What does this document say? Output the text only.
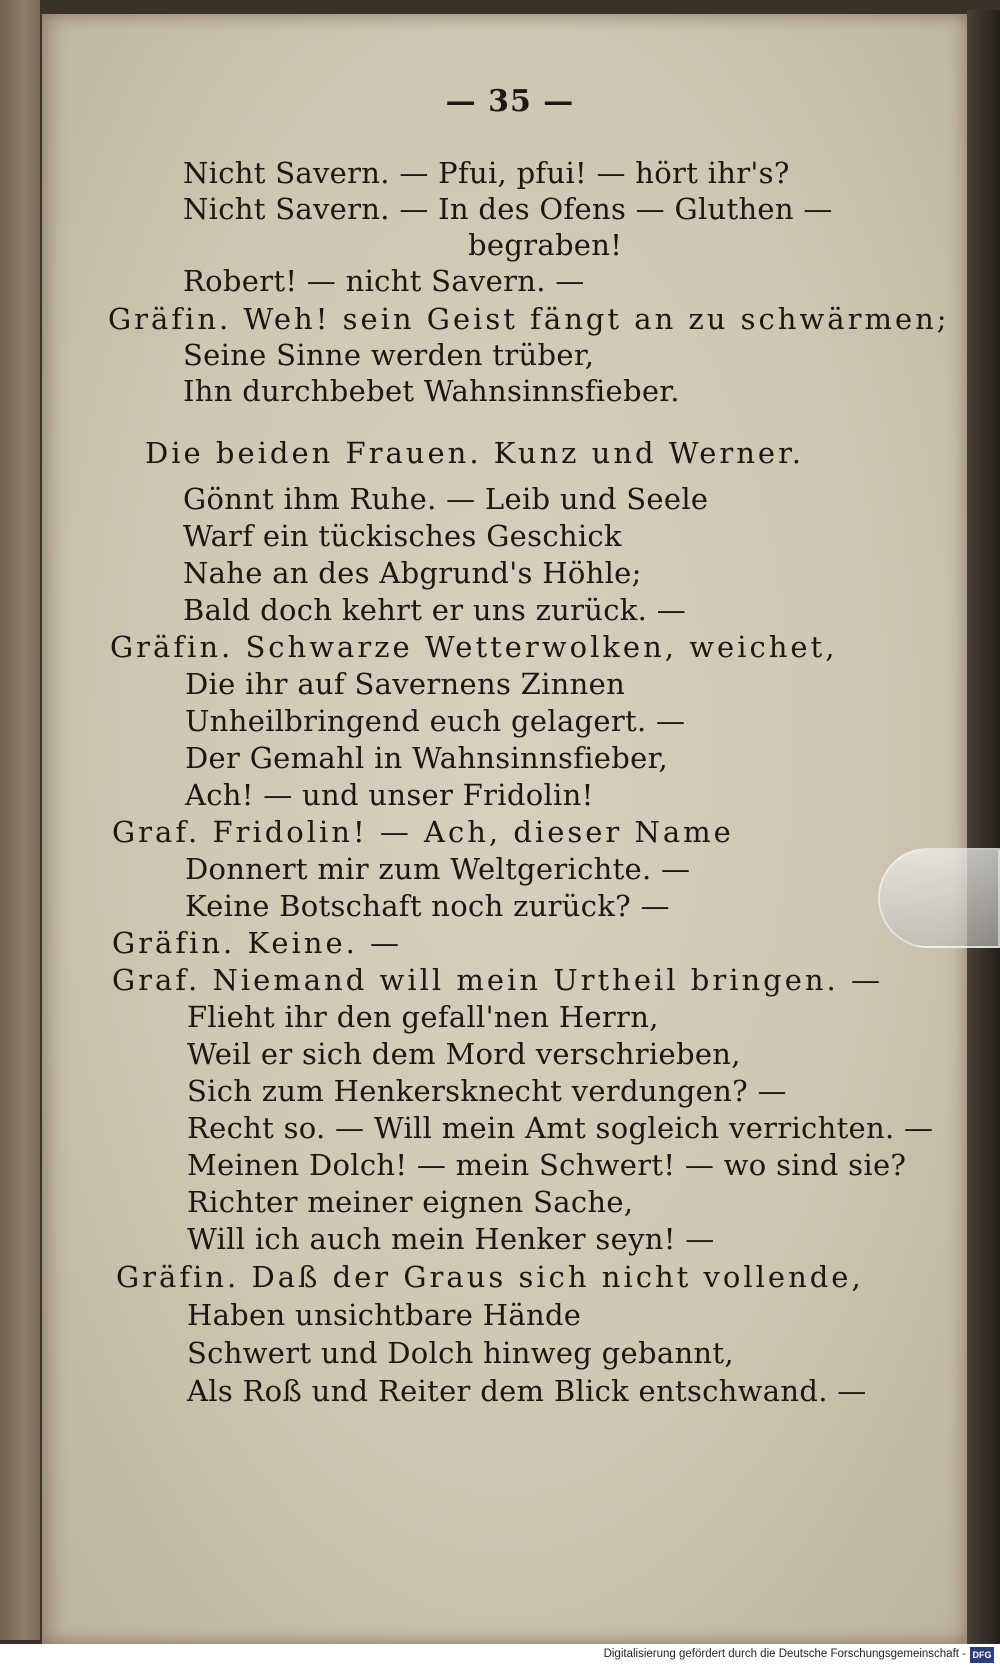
— 35 —
Nicht Savern. — Pfui, pfui! — hört ihr's?
Nicht Savern. — In des Ofens — Gluthen —
begraben!
Robert! — nicht Savern. —
Gräfin. Weh! sein Geist fängt an zu schwärmen;
Seine Sinne werden trüber,
Ihn durchbebet Wahnsinnsfieber.
Die beiden Frauen. Kunz und Werner.
Gönnt ihm Ruhe. — Leib und Seele
Warf ein tückisches Geschick
Nahe an des Abgrund's Höhle;
Bald doch kehrt er uns zurück. —
Gräfin. Schwarze Wetterwolken, weichet,
Die ihr auf Savernens Zinnen
Unheilbringend euch gelagert. —
Der Gemahl in Wahnsinnsfieber,
Ach! — und unser Fridolin!
Graf. Fridolin! — Ach, dieser Name
Donnert mir zum Weltgerichte. —
Keine Botschaft noch zurück? —
Gräfin. Keine. —
Graf. Niemand will mein Urtheil bringen. —
Flieht ihr den gefall'nen Herrn,
Weil er sich dem Mord verschrieben,
Sich zum Henkersknecht verdungen? —
Recht so. — Will mein Amt sogleich verrichten. —
Meinen Dolch! — mein Schwert! — wo sind sie?
Richter meiner eignen Sache,
Will ich auch mein Henker seyn! —
Gräfin. Daß der Graus sich nicht vollende,
Haben unsichtbare Hände
Schwert und Dolch hinweg gebannt,
Als Roß und Reiter dem Blick entschwand. —
Digitalisierung gefördert durch die Deutsche Forschungsgemeinschaft - DFG
